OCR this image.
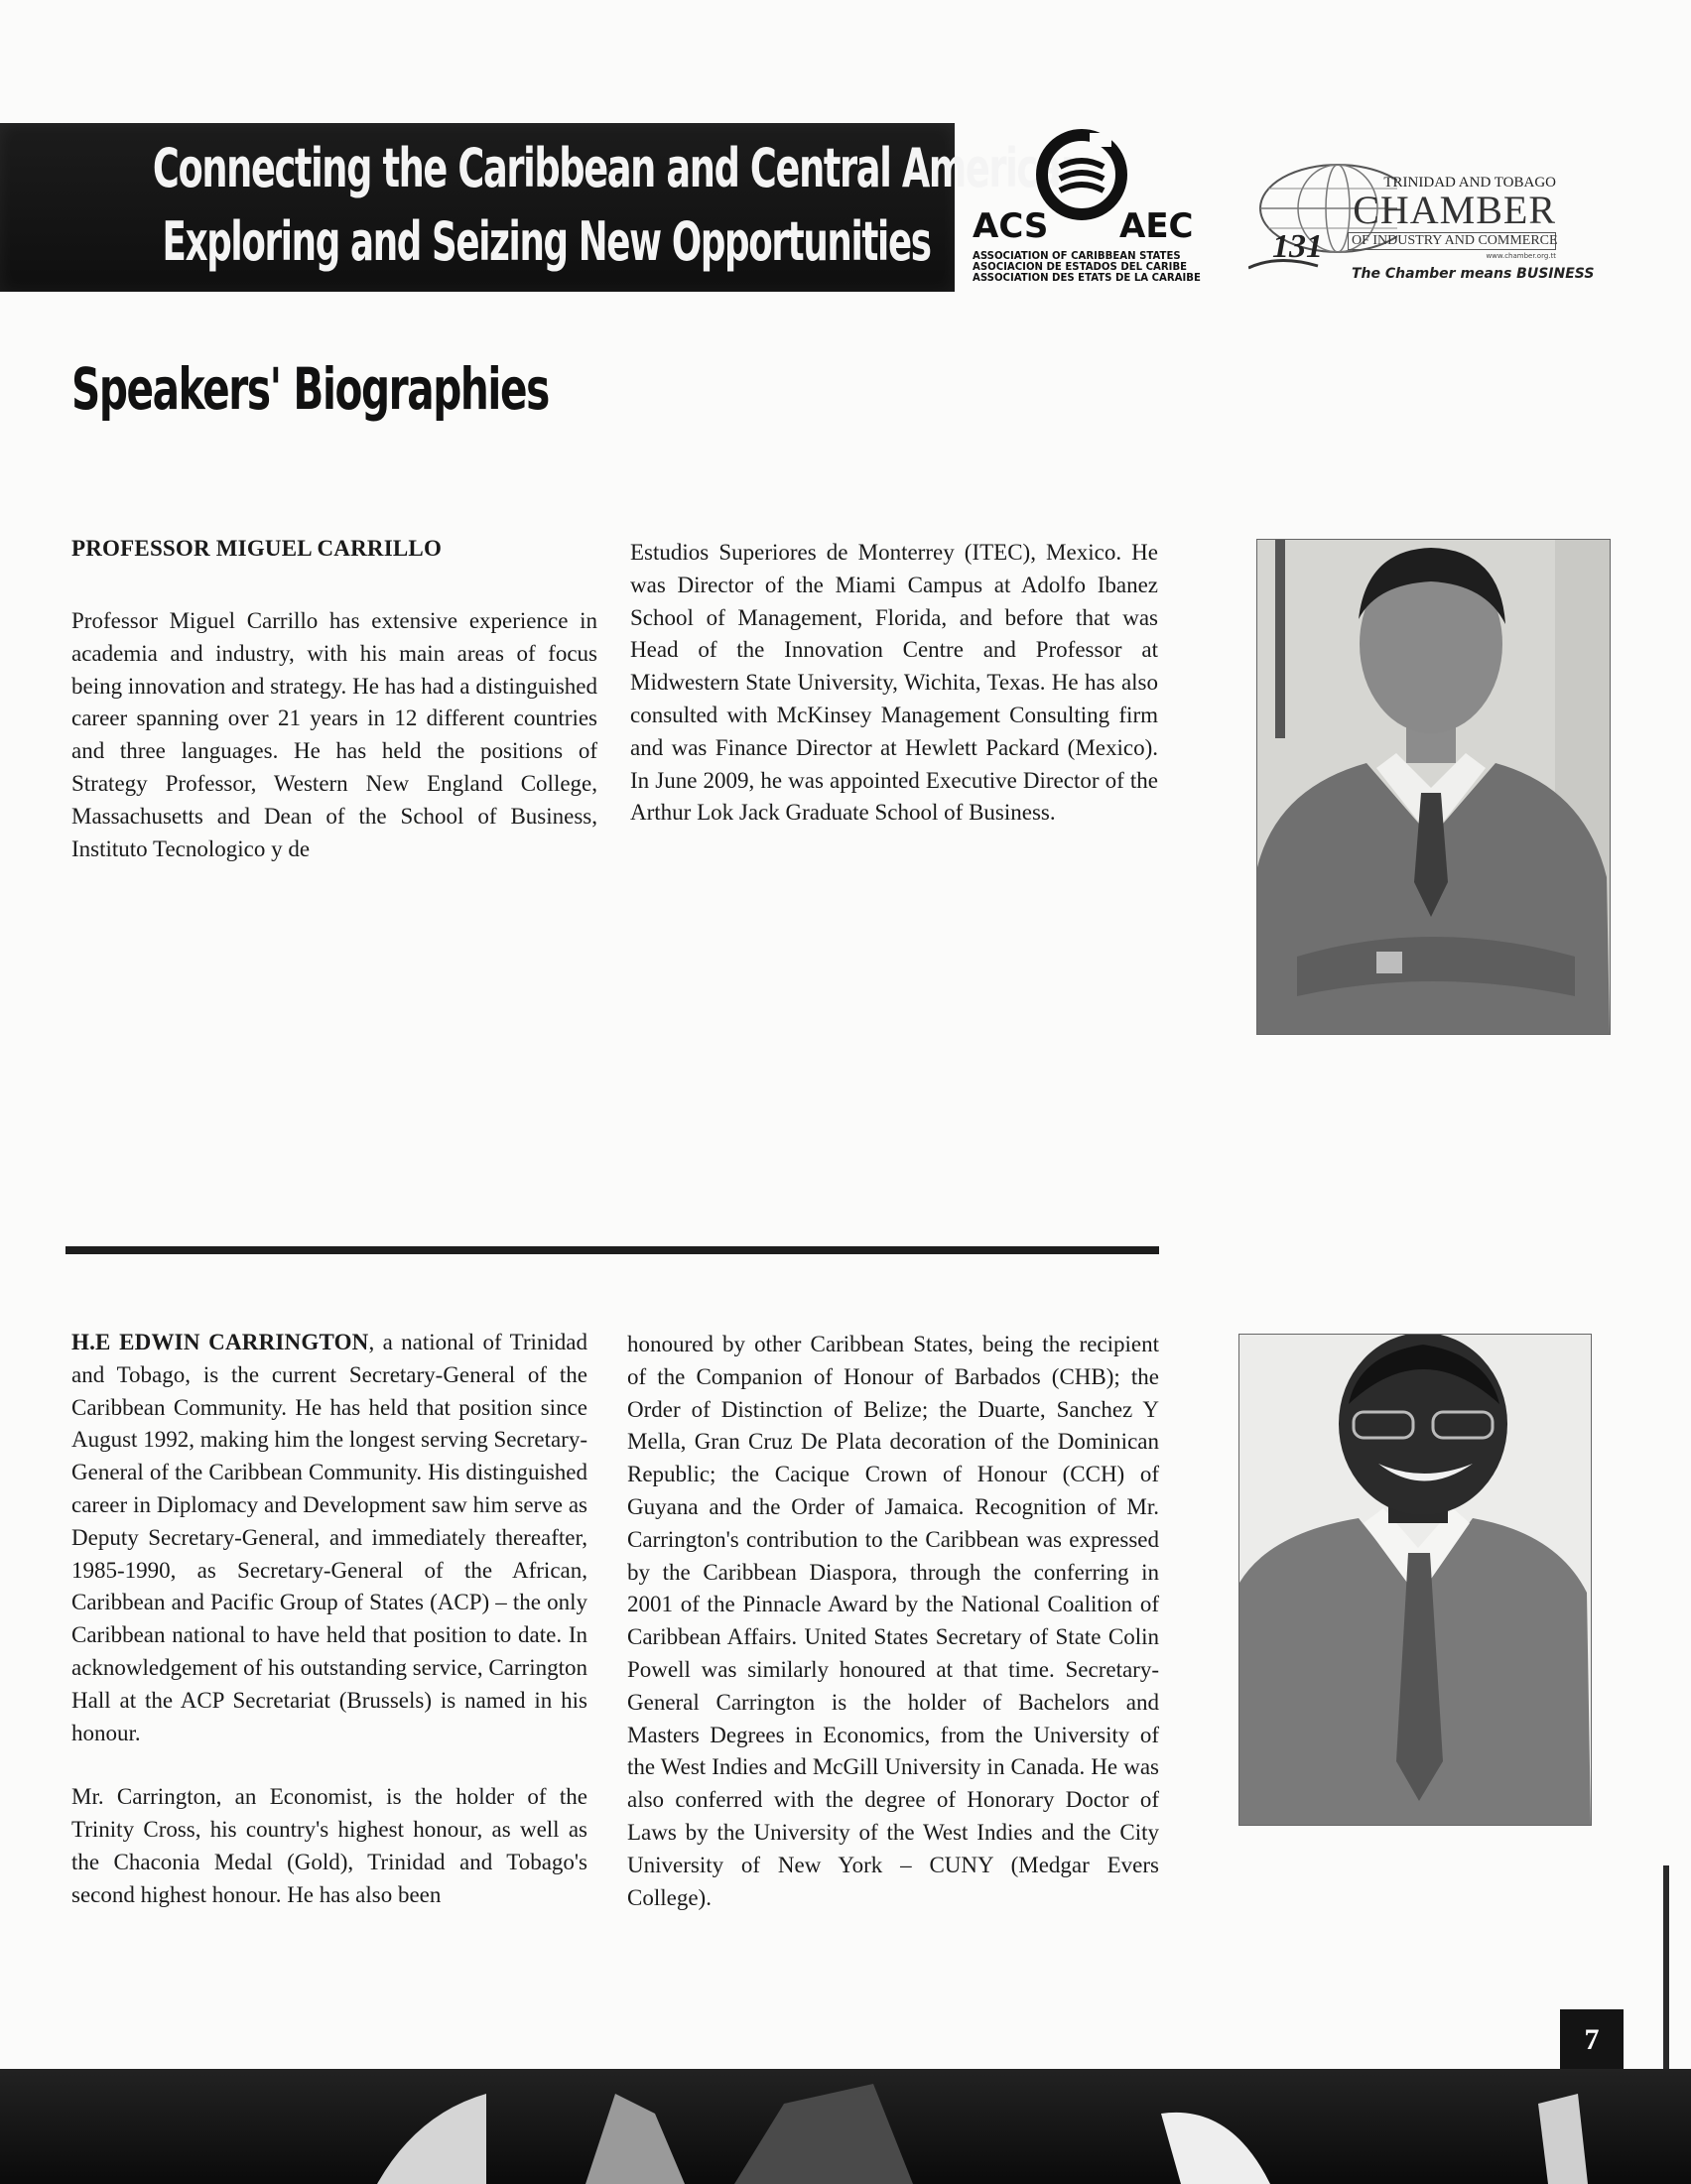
Connecting the Caribbean and Central America:
Exploring and Seizing New Opportunities ACS AEC
ASSOCIATION OF CARIBBEAN STATES
ASOCIACION DE ESTADOS DEL CARIBE
ASSOCIATION DES ETATS DE LA CARAIBE
TRINIDAD AND TOBAGO
CHAMBER
OF INDUSTRY AND COMMERCE
www.chamber.org.tt
131
The Chamber means BUSINESS
Speakers' Biographies
PROFESSOR MIGUEL CARRILLO

Professor Miguel Carrillo has extensive experience in academia and industry, with his main areas of focus being innovation and strategy. He has had a distinguished career spanning over 21 years in 12 different countries and three languages. He has held the positions of Strategy Professor, Western New England College, Massachusetts and Dean of the School of Business, Instituto Tecnologico y de

Estudios Superiores de Monterrey (ITEC), Mexico. He was Director of the Miami Campus at Adolfo Ibanez School of Management, Florida, and before that was Head of the Innovation Centre and Professor at Midwestern State University, Wichita, Texas. He has also consulted with McKinsey Management Consulting firm and was Finance Director at Hewlett Packard (Mexico). In June 2009, he was appointed Executive Director of the Arthur Lok Jack Graduate School of Business.

H.E EDWIN CARRINGTON, a national of Trinidad and Tobago, is the current Secretary-General of the Caribbean Community. He has held that position since August 1992, making him the longest serving Secretary-General of the Caribbean Community. His distinguished career in Diplomacy and Development saw him serve as Deputy Secretary-General, and immediately thereafter, 1985-1990, as Secretary-General of the African, Caribbean and Pacific Group of States (ACP) – the only Caribbean national to have held that position to date. In acknowledgement of his outstanding service, Carrington Hall at the ACP Secretariat (Brussels) is named in his honour.

Mr. Carrington, an Economist, is the holder of the Trinity Cross, his country's highest honour, as well as the Chaconia Medal (Gold), Trinidad and Tobago's second highest honour. He has also been

honoured by other Caribbean States, being the recipient of the Companion of Honour of Barbados (CHB); the Order of Distinction of Belize; the Duarte, Sanchez Y Mella, Gran Cruz De Plata decoration of the Dominican Republic; the Cacique Crown of Honour (CCH) of Guyana and the Order of Jamaica. Recognition of Mr. Carrington's contribution to the Caribbean was expressed by the Caribbean Diaspora, through the conferring in 2001 of the Pinnacle Award by the National Coalition of Caribbean Affairs. United States Secretary of State Colin Powell was similarly honoured at that time. Secretary-General Carrington is the holder of Bachelors and Masters Degrees in Economics, from the University of the West Indies and McGill University in Canada. He was also conferred with the degree of Honorary Doctor of Laws by the University of the West Indies and the City University of New York – CUNY (Medgar Evers College).

7
